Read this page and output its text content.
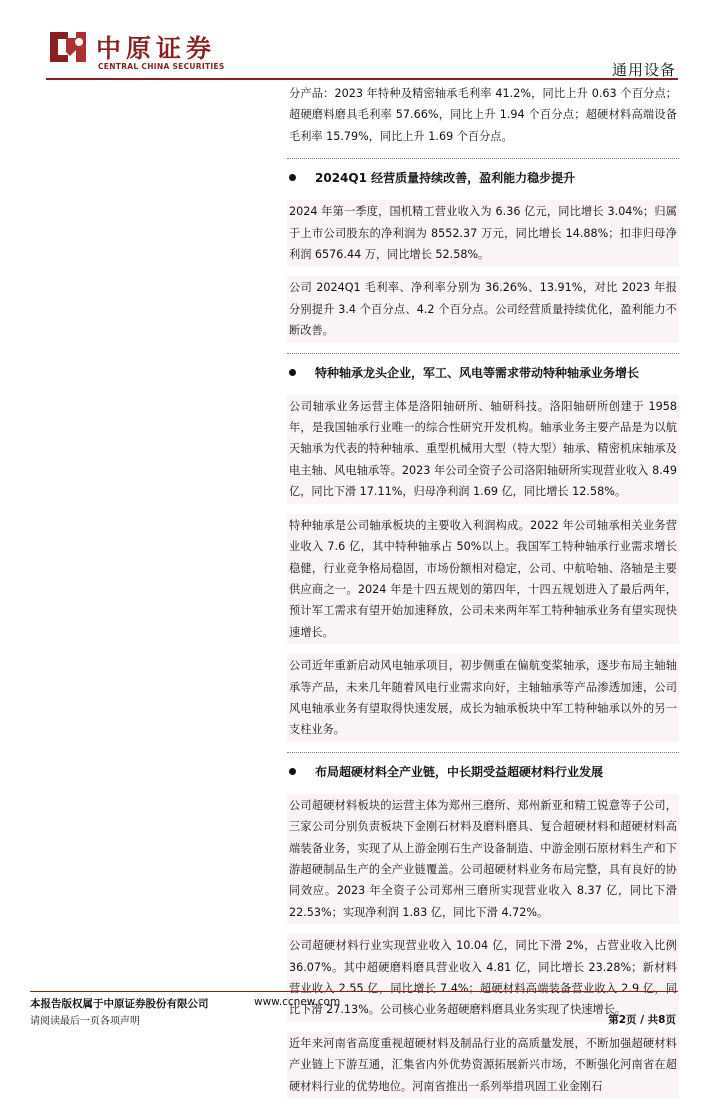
中原证券
CENTRAL CHINA SECURITIES	通用设备

分产品：2023 年特种及精密轴承毛利率 41.2%，同比上升 0.63 个百分点；超硬磨料磨具毛利率 57.66%，同比上升 1.94 个百分点；超硬材料高端设备毛利率 15.79%，同比上升 1.69 个百分点。

2024Q1 经营质量持续改善，盈利能力稳步提升

2024 年第一季度，国机精工营业收入为 6.36 亿元，同比增长 3.04%；归属于上市公司股东的净利润为 8552.37 万元，同比增长 14.88%；扣非归母净利润 6576.44 万，同比增长 52.58%。

公司 2024Q1 毛利率、净利率分别为 36.26%、13.91%，对比 2023 年报分别提升 3.4 个百分点、4.2 个百分点。公司经营质量持续优化，盈利能力不断改善。

特种轴承龙头企业，军工、风电等需求带动特种轴承业务增长

公司轴承业务运营主体是洛阳轴研所、轴研科技。洛阳轴研所创建于 1958 年，是我国轴承行业唯一的综合性研究开发机构。轴承业务主要产品是为以航天轴承为代表的特种轴承、重型机械用大型（特大型）轴承、精密机床轴承及电主轴、风电轴承等。2023 年公司全资子公司洛阳轴研所实现营业收入 8.49 亿，同比下滑 17.11%，归母净利润 1.69 亿，同比增长 12.58%。

特种轴承是公司轴承板块的主要收入利润构成。2022 年公司轴承相关业务营业收入 7.6 亿，其中特种轴承占 50%以上。我国军工特种轴承行业需求增长稳健，行业竞争格局稳固，市场份额相对稳定，公司、中航哈轴、洛轴是主要供应商之一。2024 年是十四五规划的第四年，十四五规划进入了最后两年，预计军工需求有望开始加速释放，公司未来两年军工特种轴承业务有望实现快速增长。

公司近年重新启动风电轴承项目，初步侧重在偏航变桨轴承，逐步布局主轴轴承等产品，未来几年随着风电行业需求向好，主轴轴承等产品渗透加速，公司风电轴承业务有望取得快速发展，成长为轴承板块中军工特种轴承以外的另一支柱业务。

布局超硬材料全产业链，中长期受益超硬材料行业发展

公司超硬材料板块的运营主体为郑州三磨所、郑州新亚和精工锐意等子公司，三家公司分别负责板块下金刚石材料及磨料磨具、复合超硬材料和超硬材料高端装备业务，实现了从上游金刚石生产设备制造、中游金刚石原材料生产和下游超硬制品生产的全产业链覆盖。公司超硬材料业务布局完整，具有良好的协同效应。2023 年全资子公司郑州三磨所实现营业收入 8.37 亿，同比下滑 22.53%；实现净利润 1.83 亿，同比下滑 4.72%。

公司超硬材料行业实现营业收入 10.04 亿，同比下滑 2%，占营业收入比例 36.07%。其中超硬磨料磨具营业收入 4.81 亿，同比增长 23.28%；新材料营业收入 2.55 亿，同比增长 7.4%；超硬材料高端装备营业收入 2.9 亿，同比下滑 27.13%。公司核心业务超硬磨料磨具业务实现了快速增长。

近年来河南省高度重视超硬材料及制品行业的高质量发展，不断加强超硬材料产业链上下游互通，汇集省内外优势资源拓展新兴市场，不断强化河南省在超硬材料行业的优势地位。河南省推出一系列举措巩固工业金刚石

本报告版权属于中原证券股份有限公司	www.ccnew.com
请阅读最后一页各项声明	第2页 / 共8页
